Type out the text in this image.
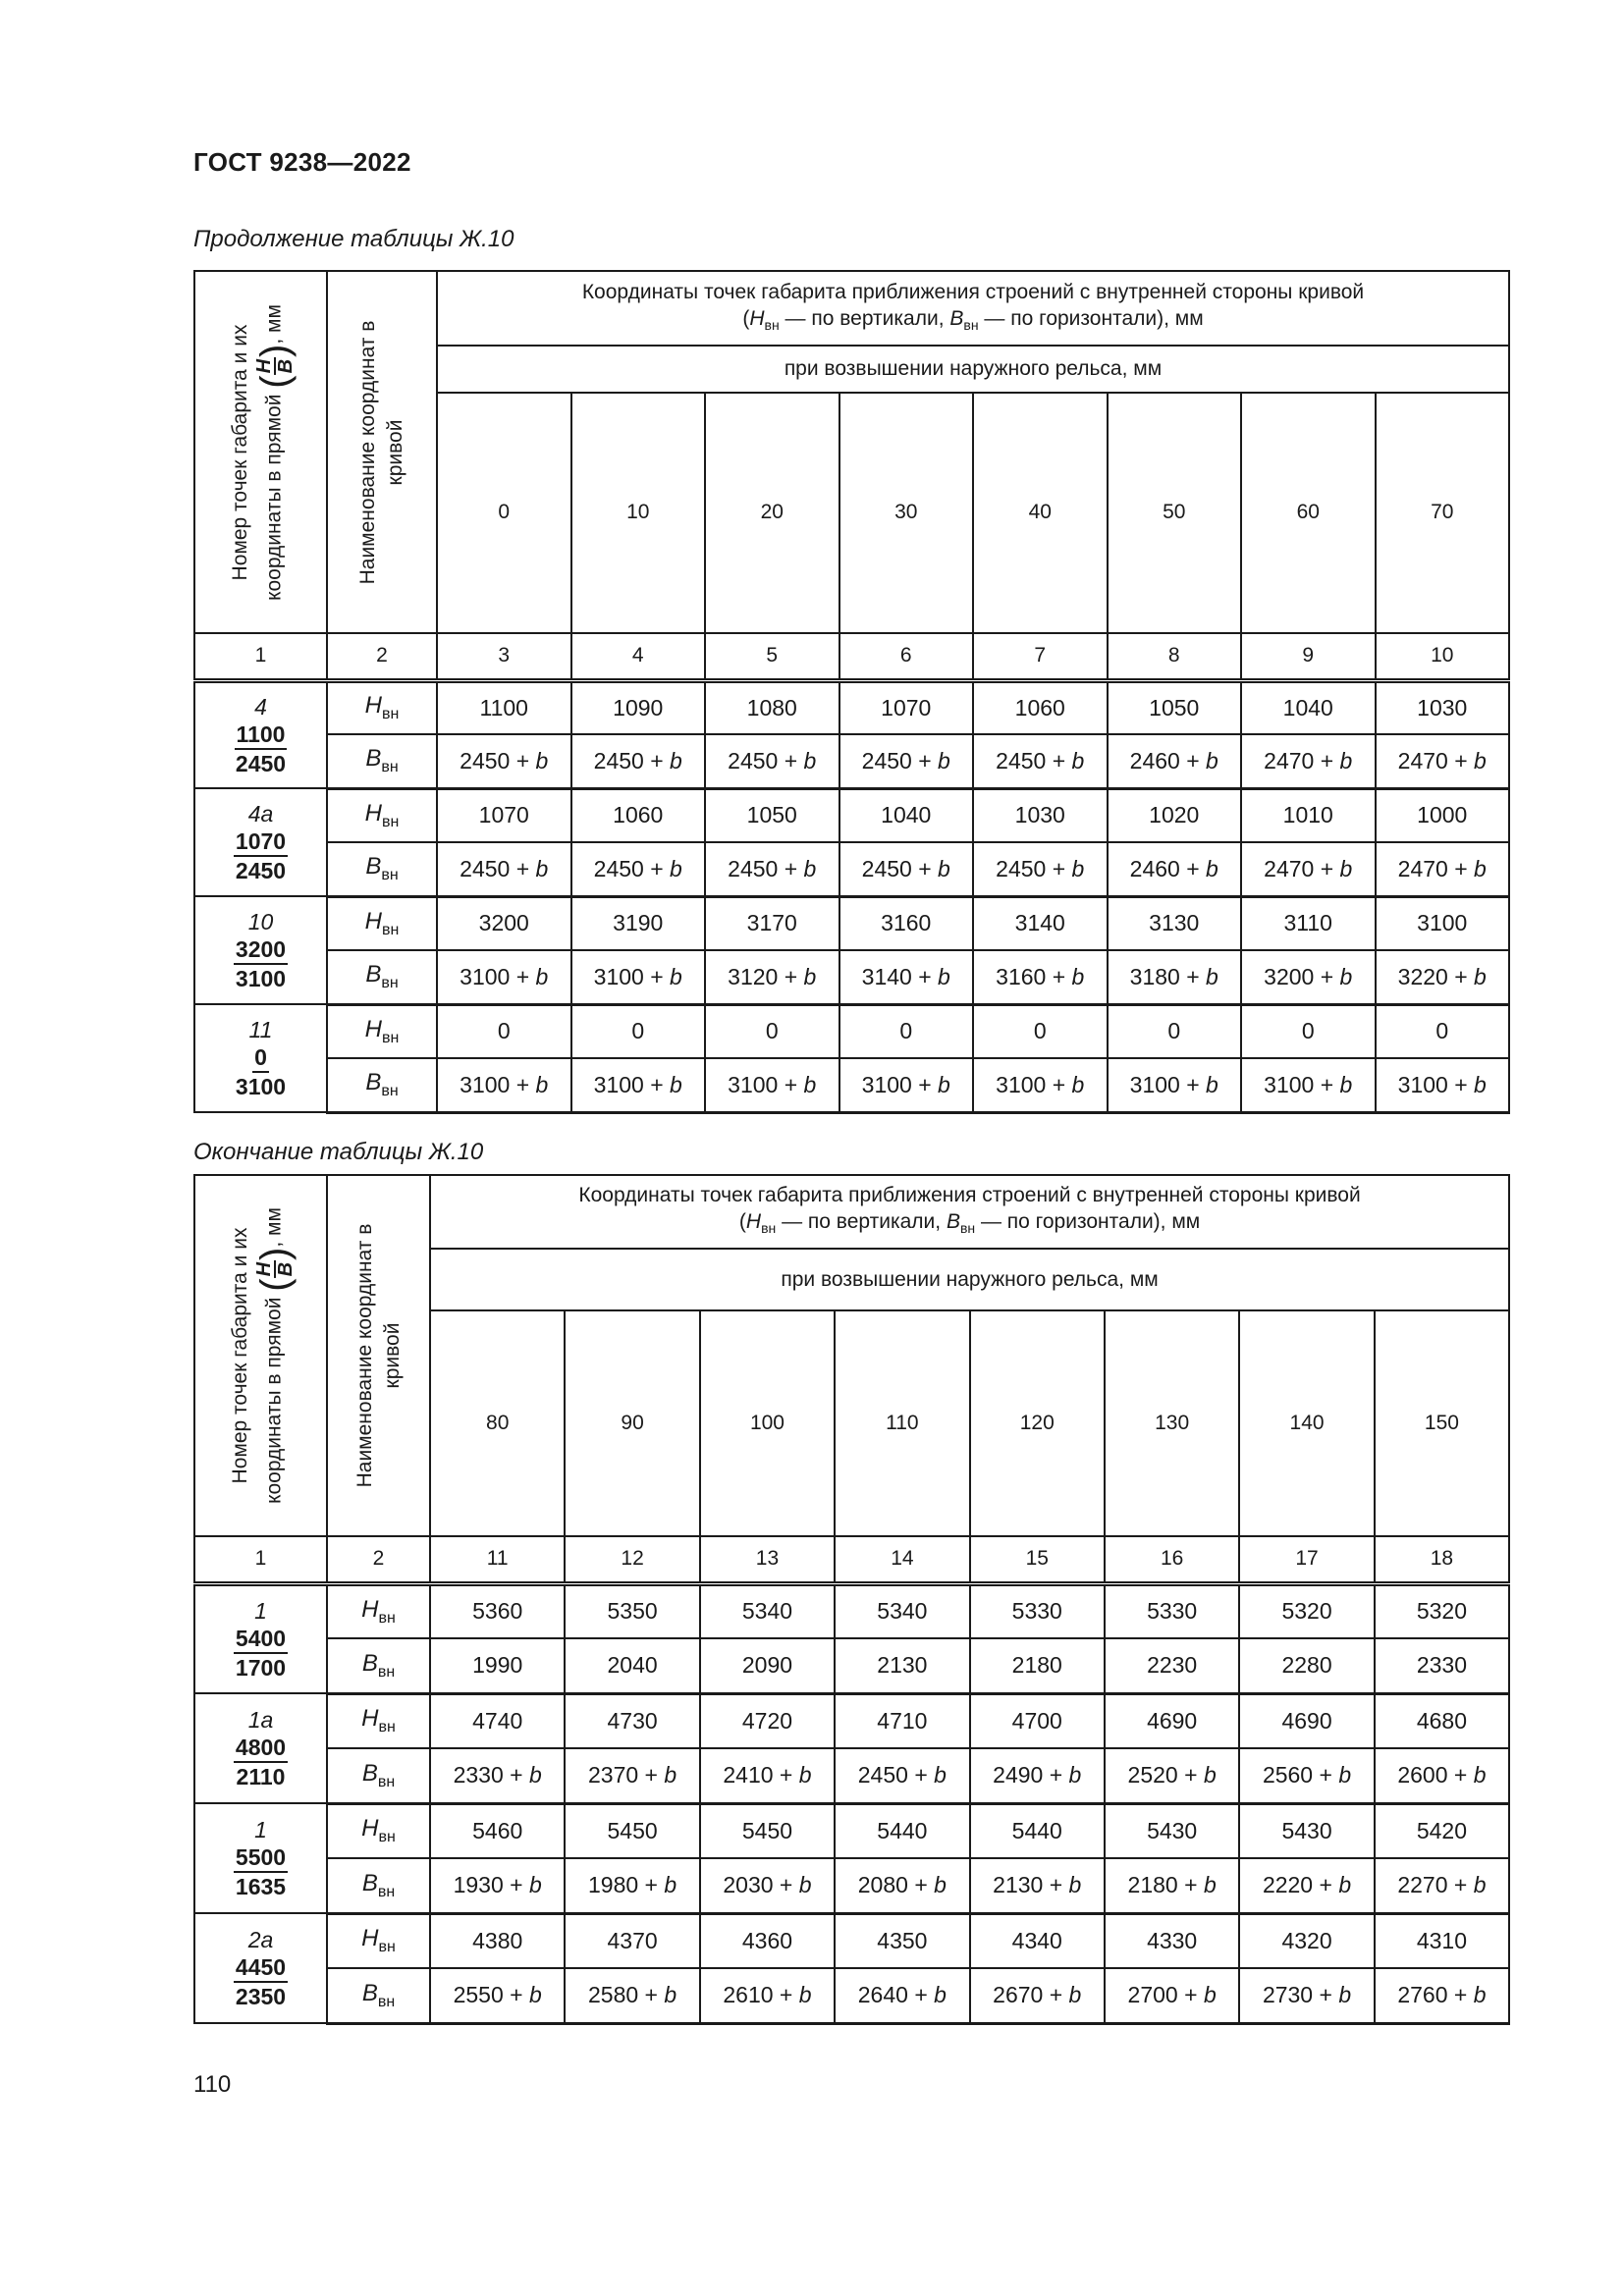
ГОСТ 9238—2022
Продолжение таблицы Ж.10
Номер точек габарита и их координаты в прямой (
H B
), мм	Наименование координат в кривой	Координаты точек габарита приближения строений с внутренней стороны кривой
($H_{вн}$ — по вертикали, $B_{вн}$ — по горизонтали), мм							
		при возвышении наружного рельса, мм							
		0	10	20	30	40	50	60	70
1	2	3	4	5	6	7	8	9	10

4
1100
2450	$H_{вн}$	1100	1090	1080	1070	1060	1050	1040	1030
	$B_{вн}$	2450 + b	2450 + b	2450 + b	2450 + b	2450 + b	2460 + b	2470 + b	2470 + b

4а
1070
2450	$H_{вн}$	1070	1060	1050	1040	1030	1020	1010	1000
	$B_{вн}$	2450 + b	2450 + b	2450 + b	2450 + b	2450 + b	2460 + b	2470 + b	2470 + b

10
3200
3100	$H_{вн}$	3200	3190	3170	3160	3140	3130	3110	3100
	$B_{вн}$	3100 + b	3100 + b	3120 + b	3140 + b	3160 + b	3180 + b	3200 + b	3220 + b

11
0
3100	$H_{вн}$	0	0	0	0	0	0	0	0
	$B_{вн}$	3100 + b	3100 + b	3100 + b	3100 + b	3100 + b	3100 + b	3100 + b	3100 + b
Окончание таблицы Ж.10
Номер точек габарита и их координаты в прямой (
H B
), мм	Наименование координат в кривой	Координаты точек габарита приближения строений с внутренней стороны кривой
($H_{вн}$ — по вертикали, $B_{вн}$ — по горизонтали), мм							
		при возвышении наружного рельса, мм							
		80	90	100	110	120	130	140	150
1	2	11	12	13	14	15	16	17	18

1
5400
1700	$H_{вн}$	5360	5350	5340	5340	5330	5330	5320	5320
	$B_{вн}$	1990	2040	2090	2130	2180	2230	2280	2330

1а
4800
2110	$H_{вн}$	4740	4730	4720	4710	4700	4690	4690	4680
	$B_{вн}$	2330 + b	2370 + b	2410 + b	2450 + b	2490 + b	2520 + b	2560 + b	2600 + b

1
5500
1635	$H_{вн}$	5460	5450	5450	5440	5440	5430	5430	5420
	$B_{вн}$	1930 + b	1980 + b	2030 + b	2080 + b	2130 + b	2180 + b	2220 + b	2270 + b

2а
4450
2350	$H_{вн}$	4380	4370	4360	4350	4340	4330	4320	4310
	$B_{вн}$	2550 + b	2580 + b	2610 + b	2640 + b	2670 + b	2700 + b	2730 + b	2760 + b
110
